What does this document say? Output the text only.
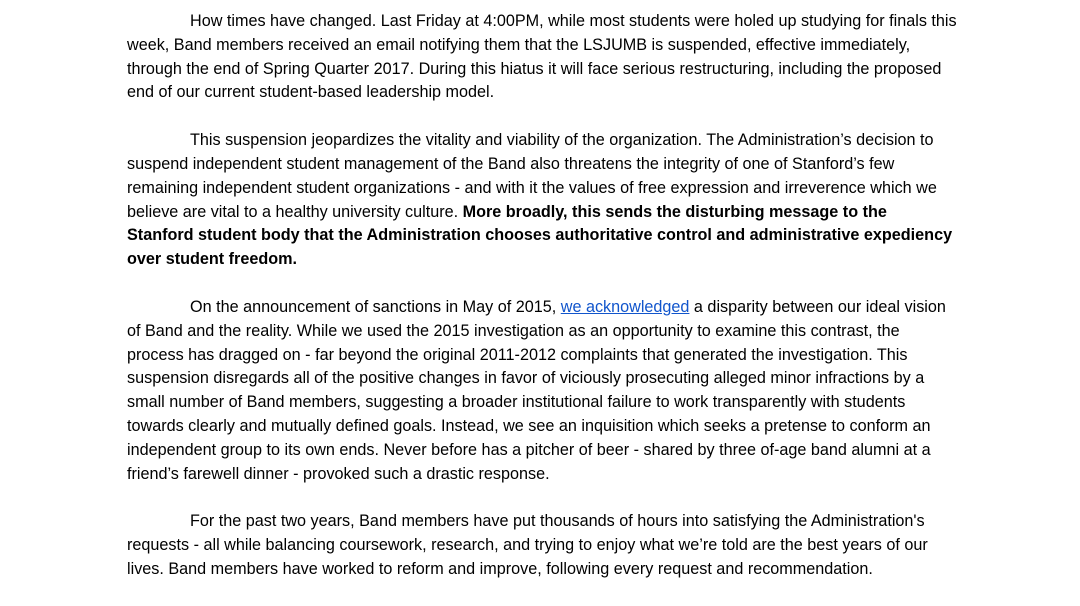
How times have changed. Last Friday at 4:00PM, while most students were holed up studying for finals this week, Band members received an email notifying them that the LSJUMB is suspended, effective immediately, through the end of Spring Quarter 2017. During this hiatus it will face serious restructuring, including the proposed end of our current student-based leadership model.

This suspension jeopardizes the vitality and viability of the organization. The Administration’s decision to suspend independent student management of the Band also threatens the integrity of one of Stanford’s few remaining independent student organizations - and with it the values of free expression and irreverence which we believe are vital to a healthy university culture. More broadly, this sends the disturbing message to the Stanford student body that the Administration chooses authoritative control and administrative expediency over student freedom.

On the announcement of sanctions in May of 2015, we acknowledged a disparity between our ideal vision of Band and the reality. While we used the 2015 investigation as an opportunity to examine this contrast, the process has dragged on - far beyond the original 2011-2012 complaints that generated the investigation. This suspension disregards all of the positive changes in favor of viciously prosecuting alleged minor infractions by a small number of Band members, suggesting a broader institutional failure to work transparently with students towards clearly and mutually defined goals. Instead, we see an inquisition which seeks a pretense to conform an independent group to its own ends. Never before has a pitcher of beer - shared by three of-age band alumni at a friend’s farewell dinner - provoked such a drastic response.

For the past two years, Band members have put thousands of hours into satisfying the Administration's requests - all while balancing coursework, research, and trying to enjoy what we’re told are the best years of our lives. Band members have worked to reform and improve, following every request and recommendation.
